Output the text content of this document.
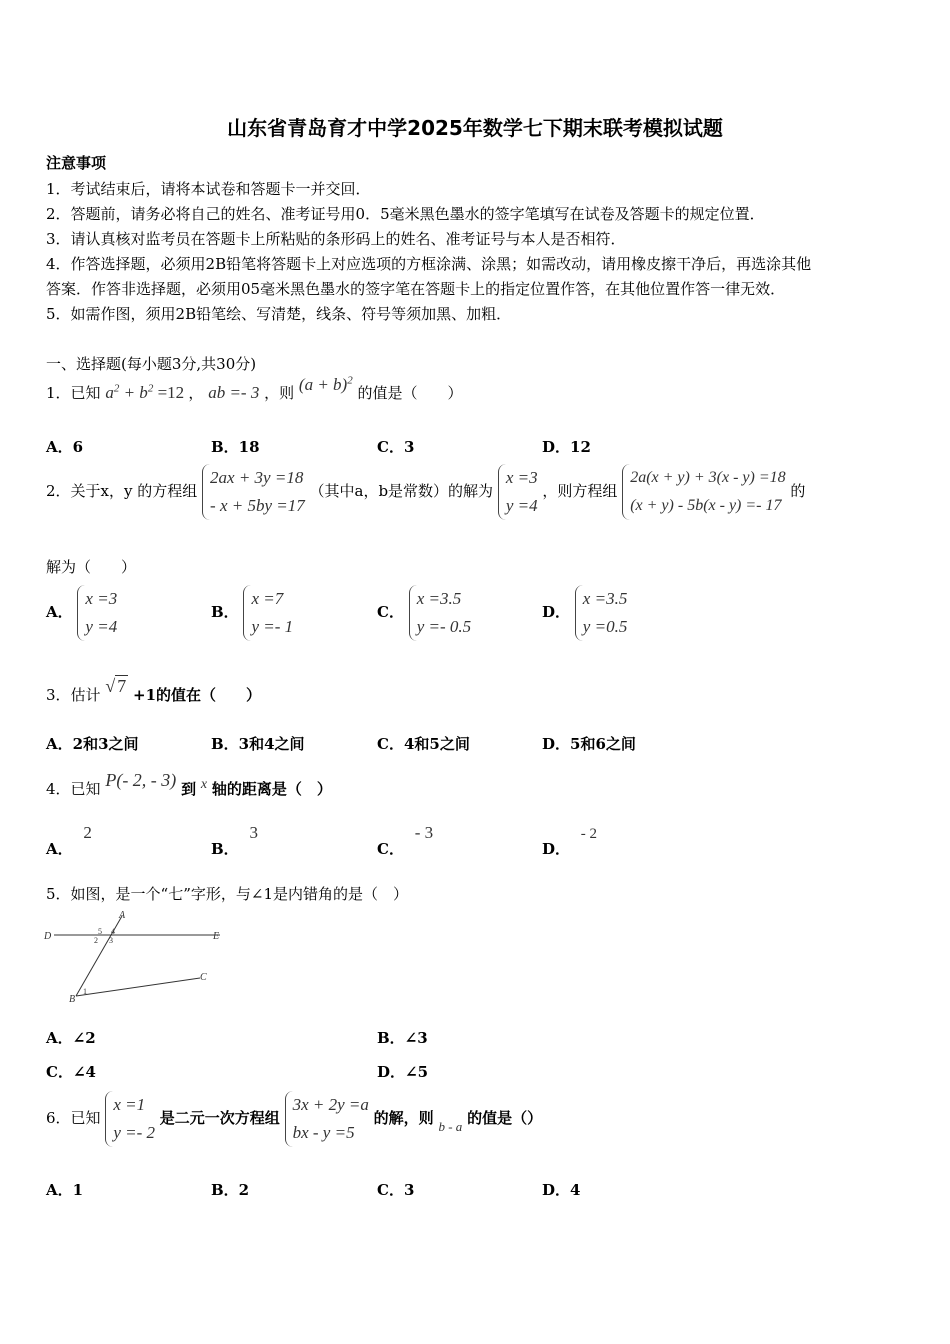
山东省青岛育才中学2025年数学七下期末联考模拟试题
注意事项
1．考试结束后，请将本试卷和答题卡一并交回．
2．答题前，请务必将自己的姓名、准考证号用0．5毫米黑色墨水的签字笔填写在试卷及答题卡的规定位置．
3．请认真核对监考员在答题卡上所粘贴的条形码上的姓名、准考证号与本人是否相符．
4．作答选择题，必须用2B铅笔将答题卡上对应选项的方框涂满、涂黑；如需改动，请用橡皮擦干净后，再选涂其他
答案．作答非选择题，必须用05毫米黑色墨水的签字笔在答题卡上的指定位置作答，在其他位置作答一律无效．
5．如需作图，须用2B铅笔绘、写清楚，线条、符号等须加黑、加粗．
一、选择题(每小题3分,共30分)
1．已知 $a^2 + b^2 =12$ ， ab =- 3 ，则 $(a + b)^2$ 的值是（　　）
A．6	B．18	C．3	D．12
2．关于x，y 的方程组
2ax + 3y =18
- x + 5by =17
（其中a，b是常数）的解为
x =3
y =4
，则方程组
2a(x + y) + 3(x - y) =18
(x + y) - 5b(x - y) =- 17
的
解为（　　）
A．
x =3
y =4
B．
x =7
y =- 1
C．
x =3.5
y =- 0.5
D．
x =3.5
y =0.5
3．估计 √ 7 +1的值在（　　）
A．2和3之间	B．3和4之间	C．4和5之间	D．5和6之间
4．已知 P(- 2, - 3) 到 x 轴的距离是（　）
A． 2
B． 3
C． - 3
D． - 2
5．如图，是一个“七”字形，与∠1是内错角的是（　）
A
D	E
C
B
5 4
2 3
1
A．∠2	B．∠3
C．∠4	D．∠5
6．已知
x =1
y =- 2
是二元一次方程组
3x + 2y =a
bx - y =5
的解，则 b - a 的值是（）
A．1	B．2	C．3	D．4
